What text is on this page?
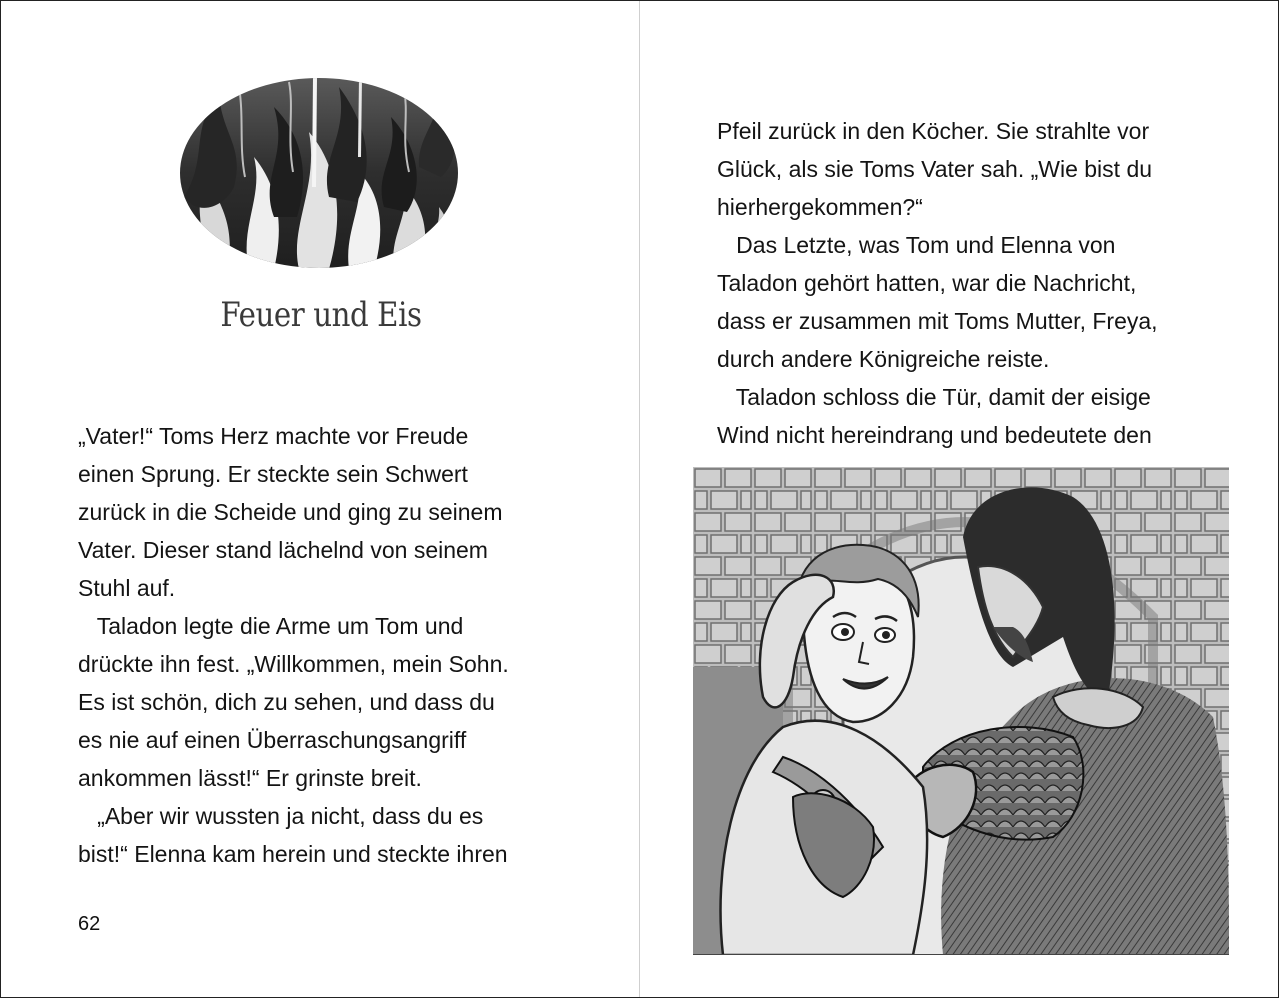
Feuer und Eis

„Vater!“ Toms Herz machte vor Freude

einen Sprung. Er steckte sein Schwert

zurück in die Scheide und ging zu seinem

Vater. Dieser stand lächelnd von seinem

Stuhl auf.

Taladon legte die Arme um Tom und

drückte ihn fest. „Willkommen, mein Sohn.

Es ist schön, dich zu sehen, und dass du

es nie auf einen Überraschungsangriff

ankommen lässt!“ Er grinste breit.

„Aber wir wussten ja nicht, dass du es

bist!“ Elenna kam herein und steckte ihren

62

Pfeil zurück in den Köcher. Sie strahlte vor

Glück, als sie Toms Vater sah. „Wie bist du

hierhergekommen?“

Das Letzte, was Tom und Elenna von

Taladon gehört hatten, war die Nachricht,

dass er zusammen mit Toms Mutter, Freya,

durch andere Königreiche reiste.

Taladon schloss die Tür, damit der eisige

Wind nicht hereindrang und bedeutete den
